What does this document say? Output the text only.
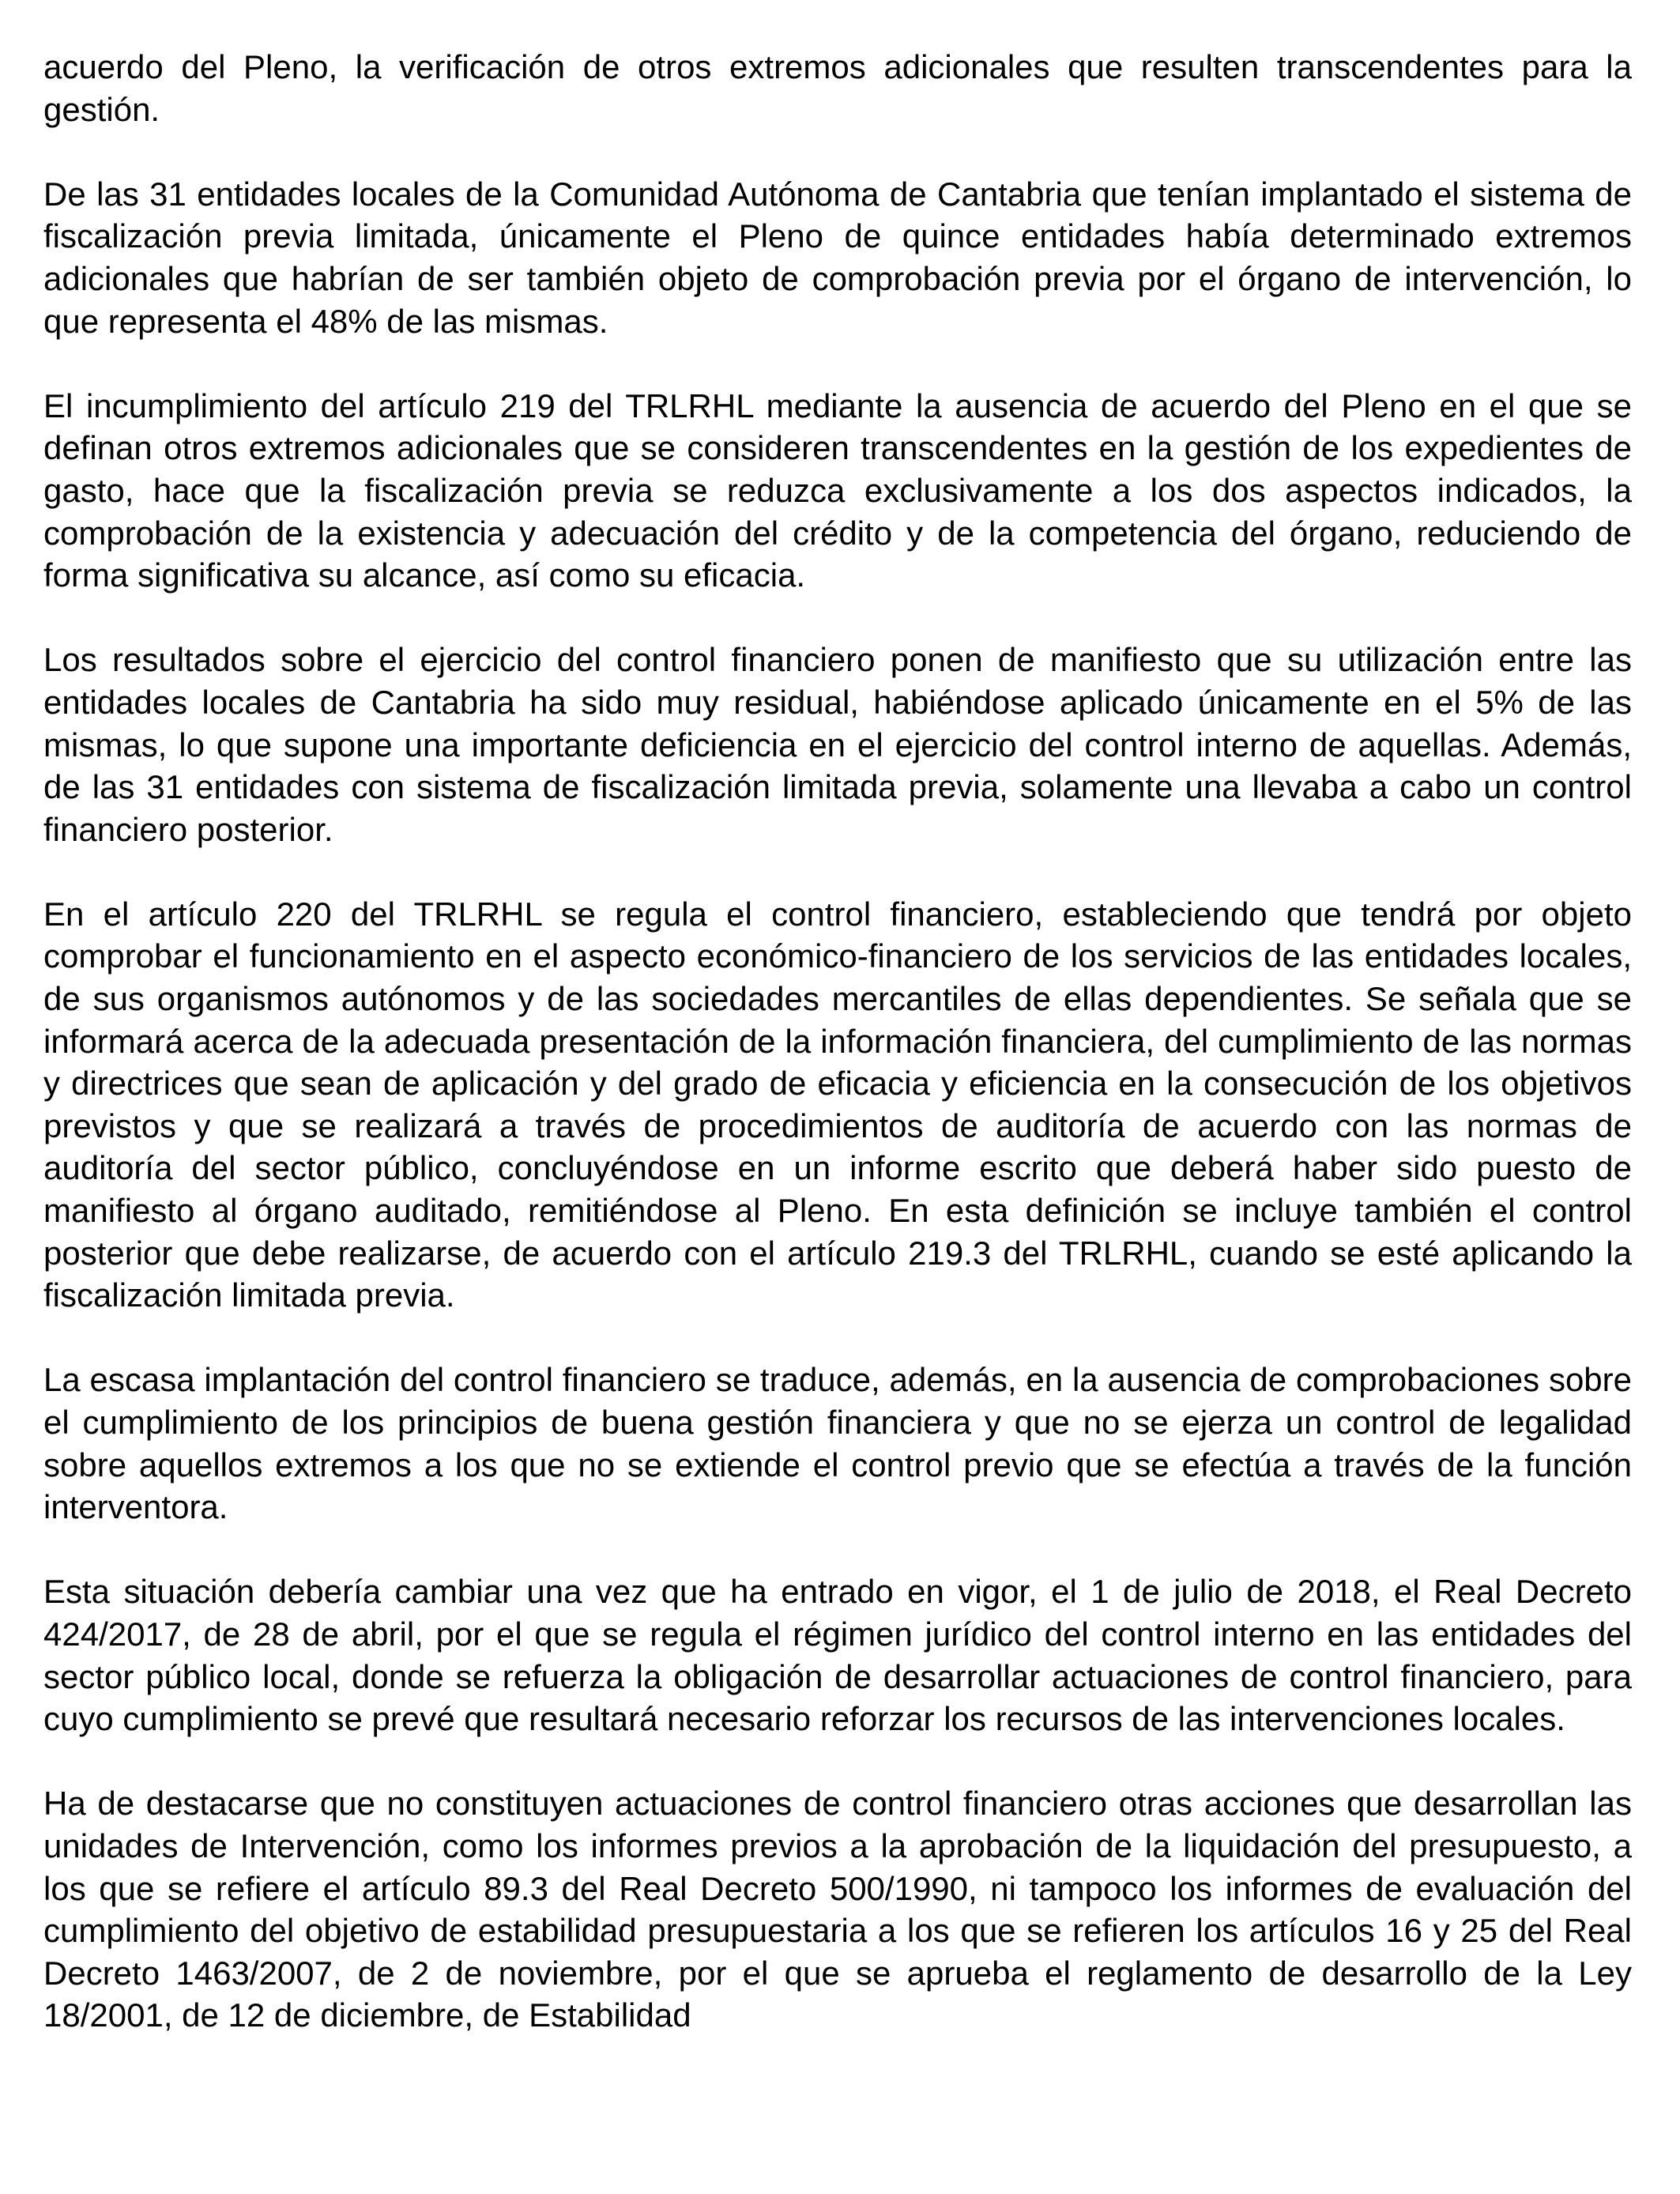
acuerdo del Pleno, la verificación de otros extremos adicionales que resulten transcendentes para la gestión.

De las 31 entidades locales de la Comunidad Autónoma de Cantabria que tenían implantado el sistema de fiscalización previa limitada, únicamente el Pleno de quince entidades había determinado extremos adicionales que habrían de ser también objeto de comprobación previa por el órgano de intervención, lo que representa el 48% de las mismas.

El incumplimiento del artículo 219 del TRLRHL mediante la ausencia de acuerdo del Pleno en el que se definan otros extremos adicionales que se consideren transcendentes en la gestión de los expedientes de gasto, hace que la fiscalización previa se reduzca exclusivamente a los dos aspectos indicados, la comprobación de la existencia y adecuación del crédito y de la competencia del órgano, reduciendo de forma significativa su alcance, así como su eficacia.

Los resultados sobre el ejercicio del control financiero ponen de manifiesto que su utilización entre las entidades locales de Cantabria ha sido muy residual, habiéndose aplicado únicamente en el 5% de las mismas, lo que supone una importante deficiencia en el ejercicio del control interno de aquellas. Además, de las 31 entidades con sistema de fiscalización limitada previa, solamente una llevaba a cabo un control financiero posterior.

En el artículo 220 del TRLRHL se regula el control financiero, estableciendo que tendrá por objeto comprobar el funcionamiento en el aspecto económico-financiero de los servicios de las entidades locales, de sus organismos autónomos y de las sociedades mercantiles de ellas dependientes. Se señala que se informará acerca de la adecuada presentación de la información financiera, del cumplimiento de las normas y directrices que sean de aplicación y del grado de eficacia y eficiencia en la consecución de los objetivos previstos y que se realizará a través de procedimientos de auditoría de acuerdo con las normas de auditoría del sector público, concluyéndose en un informe escrito que deberá haber sido puesto de manifiesto al órgano auditado, remitiéndose al Pleno. En esta definición se incluye también el control posterior que debe realizarse, de acuerdo con el artículo 219.3 del TRLRHL, cuando se esté aplicando la fiscalización limitada previa.

La escasa implantación del control financiero se traduce, además, en la ausencia de comprobaciones sobre el cumplimiento de los principios de buena gestión financiera y que no se ejerza un control de legalidad sobre aquellos extremos a los que no se extiende el control previo que se efectúa a través de la función interventora.

Esta situación debería cambiar una vez que ha entrado en vigor, el 1 de julio de 2018, el Real Decreto 424/2017, de 28 de abril, por el que se regula el régimen jurídico del control interno en las entidades del sector público local, donde se refuerza la obligación de desarrollar actuaciones de control financiero, para cuyo cumplimiento se prevé que resultará necesario reforzar los recursos de las intervenciones locales.

Ha de destacarse que no constituyen actuaciones de control financiero otras acciones que desarrollan las unidades de Intervención, como los informes previos a la aprobación de la liquidación del presupuesto, a los que se refiere el artículo 89.3 del Real Decreto 500/1990, ni tampoco los informes de evaluación del cumplimiento del objetivo de estabilidad presupuestaria a los que se refieren los artículos 16 y 25 del Real Decreto 1463/2007, de 2 de noviembre, por el que se aprueba el reglamento de desarrollo de la Ley 18/2001, de 12 de diciembre, de Estabilidad
